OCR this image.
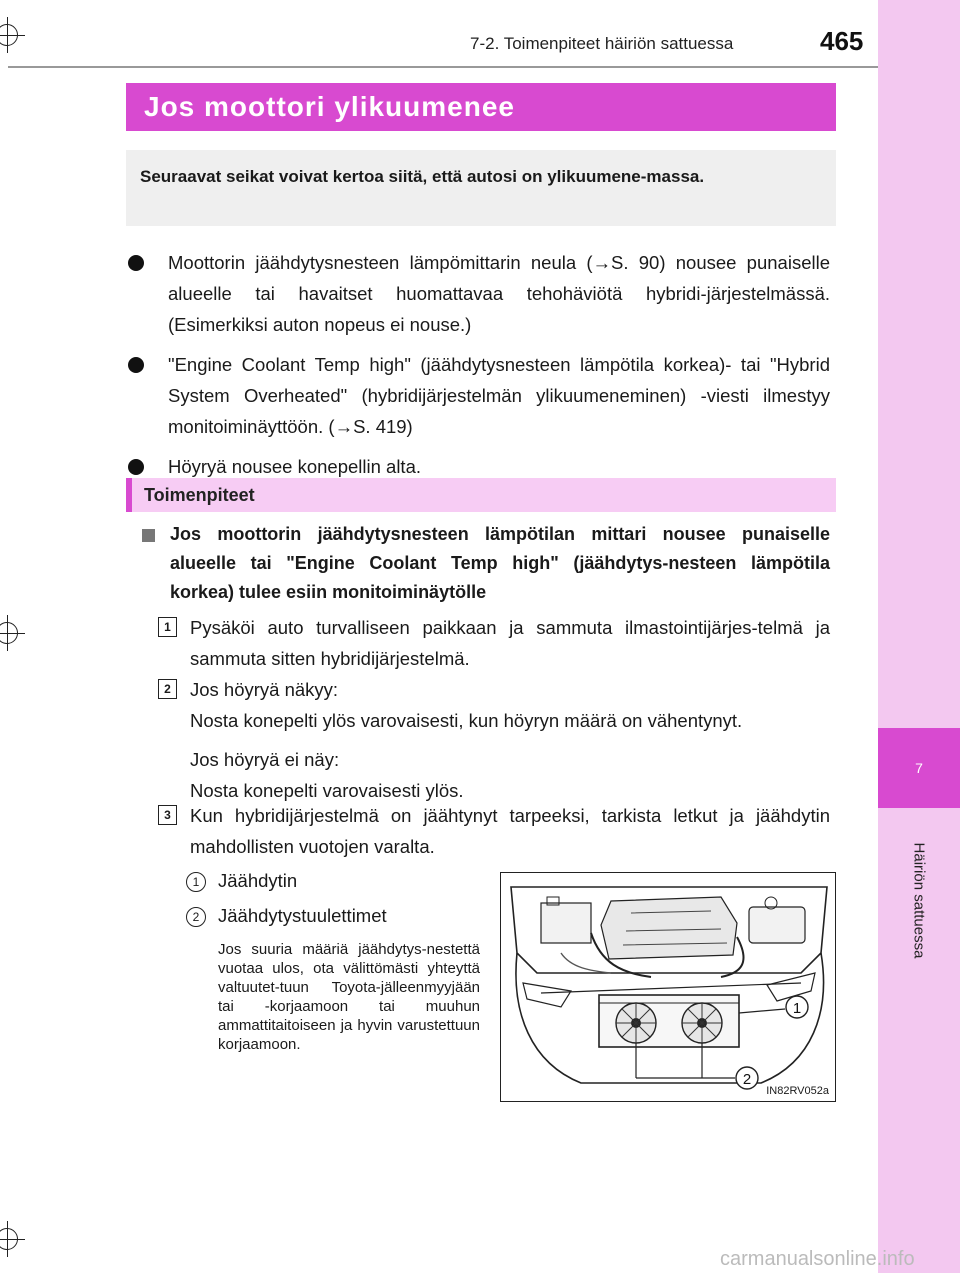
7
Häiriön sattuessa
7-2. Toimenpiteet häiriön sattuessa	465
Jos moottori ylikuumenee
Seuraavat seikat voivat kertoa siitä, että autosi on ylikuumene-massa.
Moottorin jäähdytysnesteen lämpömittarin neula (→S. 90) nousee punaiselle alueelle tai havaitset huomattavaa tehohäviötä hybridi-järjestelmässä. (Esimerkiksi auton nopeus ei nouse.)
"Engine Coolant Temp high" (jäähdytysnesteen lämpötila korkea)- tai "Hybrid System Overheated" (hybridijärjestelmän ylikuumeneminen) -viesti ilmestyy monitoiminäyttöön. (→S. 419)
Höyryä nousee konepellin alta.
Toimenpiteet
Jos moottorin jäähdytysnesteen lämpötilan mittari nousee punaiselle alueelle tai "Engine Coolant Temp high" (jäähdytys-nesteen lämpötila korkea) tulee esiin monitoiminäytölle
1	Pysäköi auto turvalliseen paikkaan ja sammuta ilmastointijärjes-telmä ja sammuta sitten hybridijärjestelmä.
2	Jos höyryä näkyy:
Nosta konepelti ylös varovaisesti, kun höyryn määrä on vähentynyt.
Jos höyryä ei näy:
Nosta konepelti varovaisesti ylös.
3	Kun hybridijärjestelmä on jäähtynyt tarpeeksi, tarkista letkut ja jäähdytin mahdollisten vuotojen varalta.
1	Jäähdytin
2	Jäähdytystuulettimet
Jos suuria määriä jäähdytys-nestettä vuotaa ulos, ota välittömästi yhteyttä valtuutet-tuun Toyota-jälleenmyyjään tai -korjaamoon tai muuhun ammattitaitoiseen ja hyvin varustettuun korjaamoon.
1
2
IN82RV052a
carmanualsonline.info
